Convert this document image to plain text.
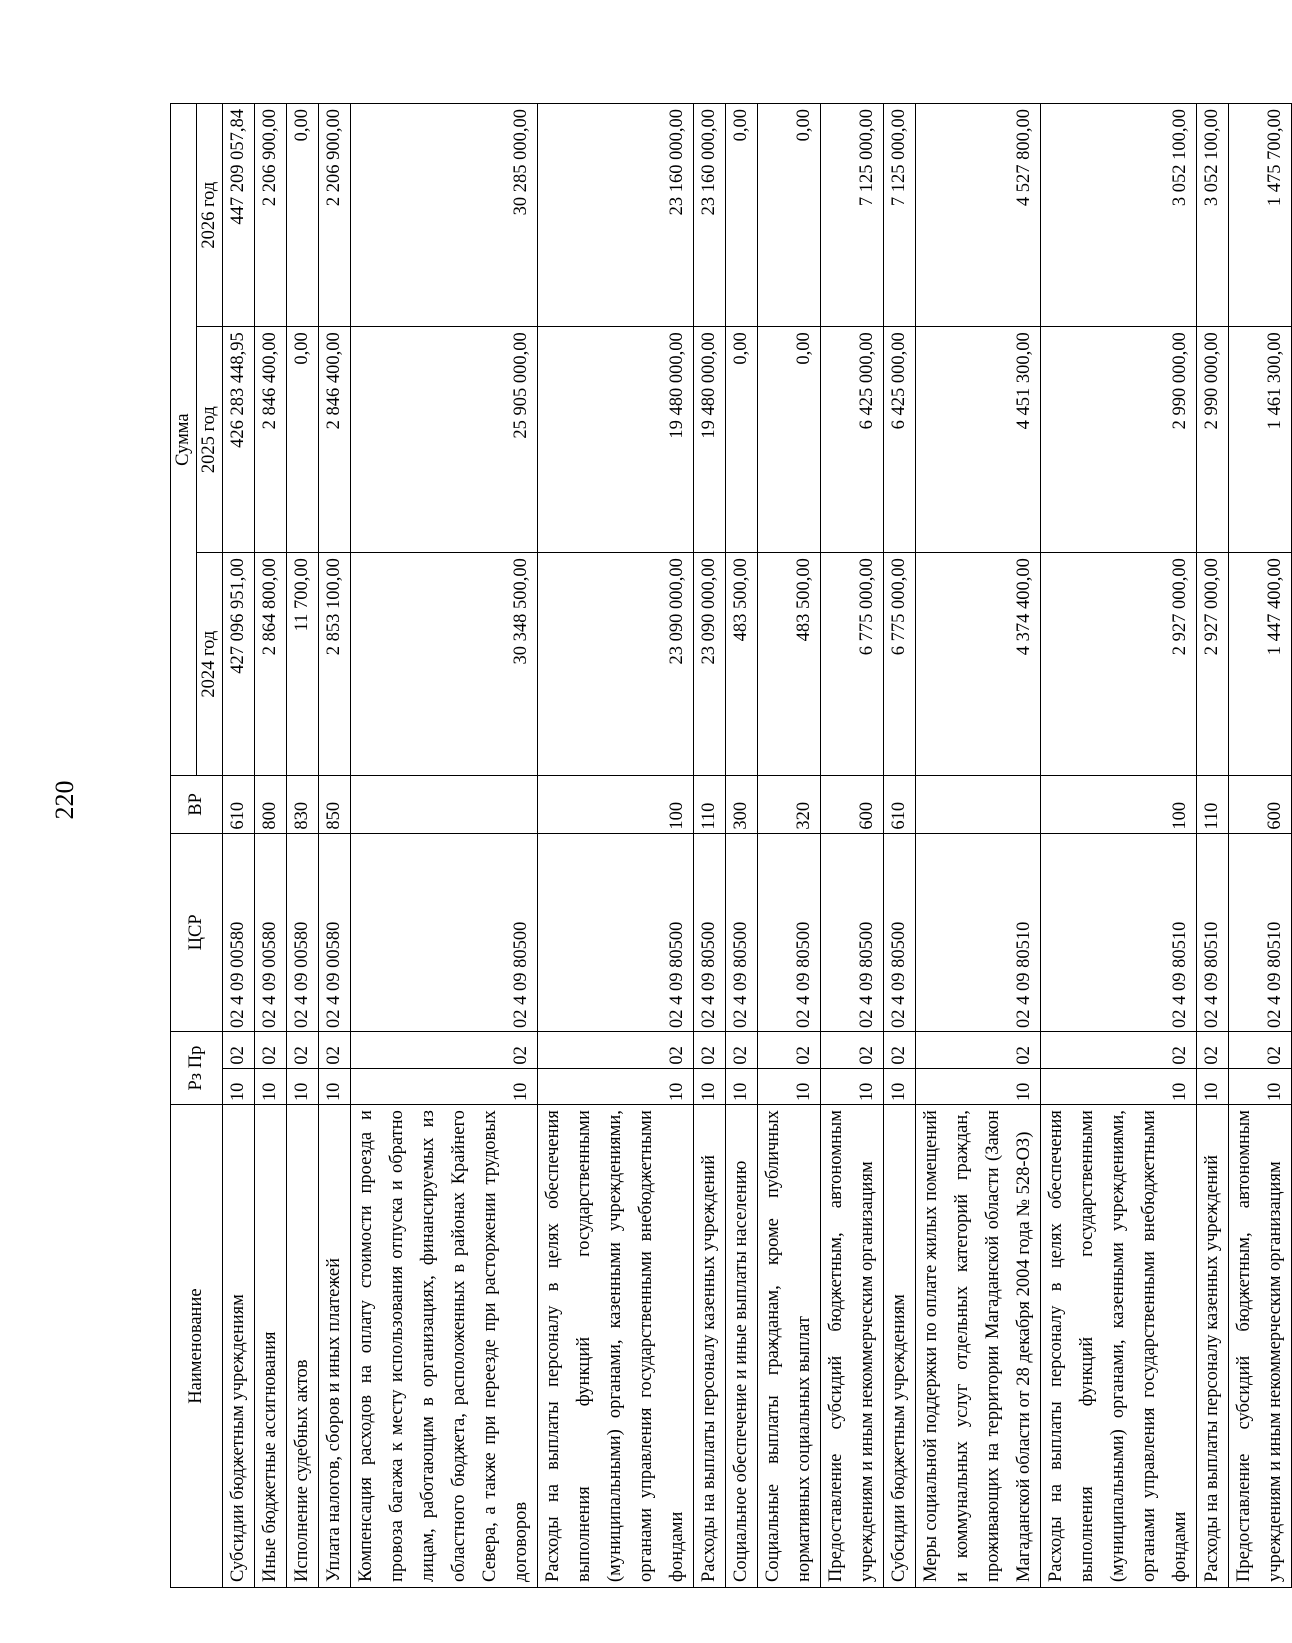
220
Наименование	Рз Пр		ЦСР	ВР	Сумма		
					2024 год	2025 год	2026 год
Субсидии бюджетным учреждениям	10	02	02 4 09 00580	610	427 096 951,00	426 283 448,95	447 209 057,84
Иные бюджетные ассигнования	10	02	02 4 09 00580	800	2 864 800,00	2 846 400,00	2 206 900,00
Исполнение судебных актов	10	02	02 4 09 00580	830	11 700,00	0,00	0,00
Уплата налогов, сборов и иных платежей	10	02	02 4 09 00580	850	2 853 100,00	2 846 400,00	2 206 900,00
Компенсация расходов на оплату стоимости проезда и провоза багажа к месту использования отпуска и обратно лицам, работающим в организациях, финансируемых из областного бюджета, расположенных в районах Крайнего Севера, а также при переезде при расторжении трудовых договоров	10	02	02 4 09 80500		30 348 500,00	25 905 000,00	30 285 000,00
Расходы на выплаты персоналу в целях обеспечения выполнения функций государственными (муниципальными) органами, казенными учреждениями, органами управления государственными внебюджетными фондами	10	02	02 4 09 80500	100	23 090 000,00	19 480 000,00	23 160 000,00
Расходы на выплаты персоналу казенных учреждений	10	02	02 4 09 80500	110	23 090 000,00	19 480 000,00	23 160 000,00
Социальное обеспечение и иные выплаты населению	10	02	02 4 09 80500	300	483 500,00	0,00	0,00
Социальные выплаты гражданам, кроме публичных нормативных социальных выплат	10	02	02 4 09 80500	320	483 500,00	0,00	0,00
Предоставление субсидий бюджетным, автономным учреждениям и иным некоммерческим организациям	10	02	02 4 09 80500	600	6 775 000,00	6 425 000,00	7 125 000,00
Субсидии бюджетным учреждениям	10	02	02 4 09 80500	610	6 775 000,00	6 425 000,00	7 125 000,00
Меры социальной поддержки по оплате жилых помещений и коммунальных услуг отдельных категорий граждан, проживающих на территории Магаданской области (Закон Магаданской области от 28 декабря 2004 года № 528-ОЗ)	10	02	02 4 09 80510		4 374 400,00	4 451 300,00	4 527 800,00
Расходы на выплаты персоналу в целях обеспечения выполнения функций государственными (муниципальными) органами, казенными учреждениями, органами управления государственными внебюджетными фондами	10	02	02 4 09 80510	100	2 927 000,00	2 990 000,00	3 052 100,00
Расходы на выплаты персоналу казенных учреждений	10	02	02 4 09 80510	110	2 927 000,00	2 990 000,00	3 052 100,00
Предоставление субсидий бюджетным, автономным учреждениям и иным некоммерческим организациям	10	02	02 4 09 80510	600	1 447 400,00	1 461 300,00	1 475 700,00
